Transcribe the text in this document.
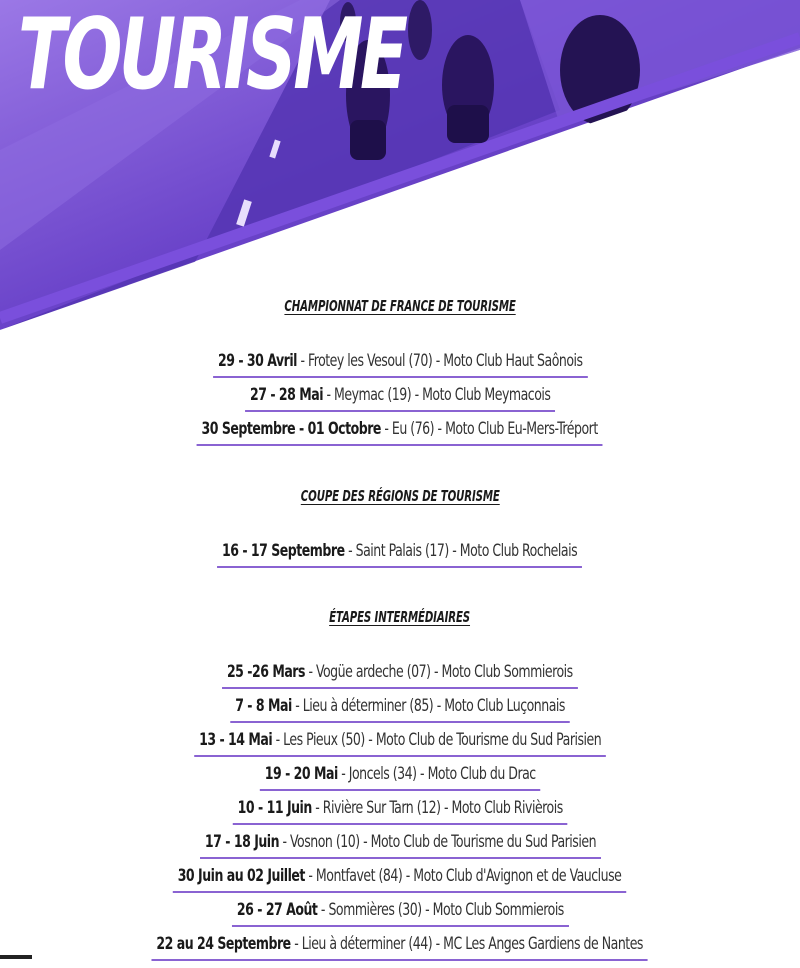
TOURISME
CHAMPIONNAT DE FRANCE DE TOURISME
29 - 30 Avril - Frotey les Vesoul (70) - Moto Club Haut Saônois
27 - 28 Mai - Meymac (19) - Moto Club Meymacois
30 Septembre - 01 Octobre - Eu (76) - Moto Club Eu-Mers-Tréport
COUPE DES RÉGIONS DE TOURISME
16 - 17 Septembre - Saint Palais (17) - Moto Club Rochelais
ÉTAPES INTERMÉDIAIRES
25 -26 Mars - Vogüe ardeche (07) - Moto Club Sommierois
7 - 8 Mai - Lieu à déterminer (85) - Moto Club Luçonnais
13 - 14 Mai - Les Pieux (50) - Moto Club de Tourisme du Sud Parisien
19 - 20 Mai - Joncels (34) - Moto Club du Drac
10 - 11 Juin - Rivière Sur Tarn (12) - Moto Club Rivièrois
17 - 18 Juin - Vosnon (10) - Moto Club de Tourisme du Sud Parisien
30 Juin au 02 Juillet - Montfavet (84) - Moto Club d'Avignon et de Vaucluse
26 - 27 Août - Sommières (30) - Moto Club Sommierois
22 au 24 Septembre - Lieu à déterminer (44) - MC Les Anges Gardiens de Nantes
